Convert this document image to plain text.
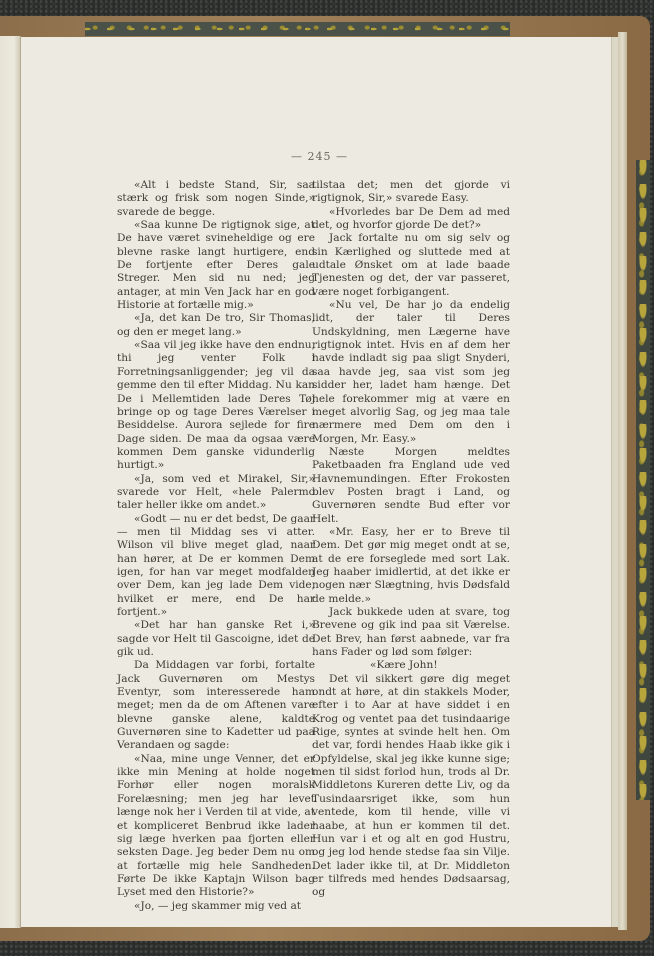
— 245 —

«Alt i bedste Stand, Sir, saa stærk og frisk som nogen Sinde,» svarede de begge.

«Saa kunne De rigtignok sige, at De have været svineheldige og ere blevne raske langt hurtigere, end De fortjente efter Deres gale Streger. Men sid nu ned; jeg antager, at min Ven Jack har en god Historie at fortælle mig.»

«Ja, det kan De tro, Sir Thomas, og den er meget lang.»

«Saa vil jeg ikke have den endnu, thi jeg venter Folk i Forretningsanliggender; jeg vil da gemme den til efter Middag. Nu kan De i Mellemtiden lade Deres Tøj bringe op og tage Deres Værelser i Besiddelse. Aurora sejlede for fire Dage siden. De maa da ogsaa være kommen Dem ganske vidunderlig hurtigt.»

«Ja, som ved et Mirakel, Sir,» svarede vor Helt, «hele Palermo taler heller ikke om andet.»

«Godt — nu er det bedst, De gaar — men til Middag ses vi atter. Wilson vil blive meget glad, naar han hører, at De er kommen Dem igen, for han var meget modfalden over Dem, kan jeg lade Dem vide, hvilket er mere, end De har fortjent.»

«Det har han ganske Ret i,» sagde vor Helt til Gascoigne, idet de gik ud.

Da Middagen var forbi, fortalte Jack Guvernøren om Mestys Eventyr, som interesserede ham meget; men da de om Aftenen vare blevne ganske alene, kaldte Guvernøren sine to Kadetter ud paa Verandaen og sagde:

«Naa, mine unge Venner, det er ikke min Mening at holde noget Forhør eller nogen moralsk Forelæsning; men jeg har levet længe nok her i Verden til at vide, at et kompliceret Benbrud ikke lader sig læge hverken paa fjorten eller seksten Dage. Jeg beder Dem nu om at fortælle mig hele Sandheden. Førte De ikke Kaptajn Wilson bag Lyset med den Historie?»

«Jo, — jeg skammer mig ved at

tilstaa det; men det gjorde vi rigtignok, Sir,» svarede Easy.

«Hvorledes bar De Dem ad med det, og hvorfor gjorde De det?»

Jack fortalte nu om sig selv og sin Kærlighed og sluttede med at udtale Ønsket om at lade baade Tjenesten og det, der var passeret, være noget forbigangent.

«Nu vel, De har jo da endelig lidt, der taler til Deres Undskyldning, men Lægerne have rigtignok intet. Hvis en af dem her havde indladt sig paa sligt Snyderi, saa havde jeg, saa vist som jeg sidder her, ladet ham hænge. Det hele forekommer mig at være en meget alvorlig Sag, og jeg maa tale nærmere med Dem om den i Morgen, Mr. Easy.»

Næste Morgen meldtes Paketbaaden fra England ude ved Havnemundingen. Efter Frokosten blev Posten bragt i Land, og Guvernøren sendte Bud efter vor Helt.

«Mr. Easy, her er to Breve til Dem. Det gør mig meget ondt at se, at de ere forseglede med sort Lak. Jeg haaber imidlertid, at det ikke er nogen nær Slægtning, hvis Dødsfald de melde.»

Jack bukkede uden at svare, tog Brevene og gik ind paa sit Værelse. Det Brev, han først aabnede, var fra hans Fader og lød som følger:

«Kære John!

Det vil sikkert gøre dig meget ondt at høre, at din stakkels Moder, efter i to Aar at have siddet i en Krog og ventet paa det tusindaarige Rige, syntes at svinde helt hen. Om det var, fordi hendes Haab ikke gik i Opfyldelse, skal jeg ikke kunne sige; men til sidst forlod hun, trods al Dr. Middletons Kureren dette Liv, og da Tusindaarsriget ikke, som hun ventede, kom til hende, ville vi haabe, at hun er kommen til det. Hun var i et og alt en god Hustru, og jeg lod hende stedse faa sin Vilje. Det lader ikke til, at Dr. Middleton er tilfreds med hendes Dødsaarsag, og
